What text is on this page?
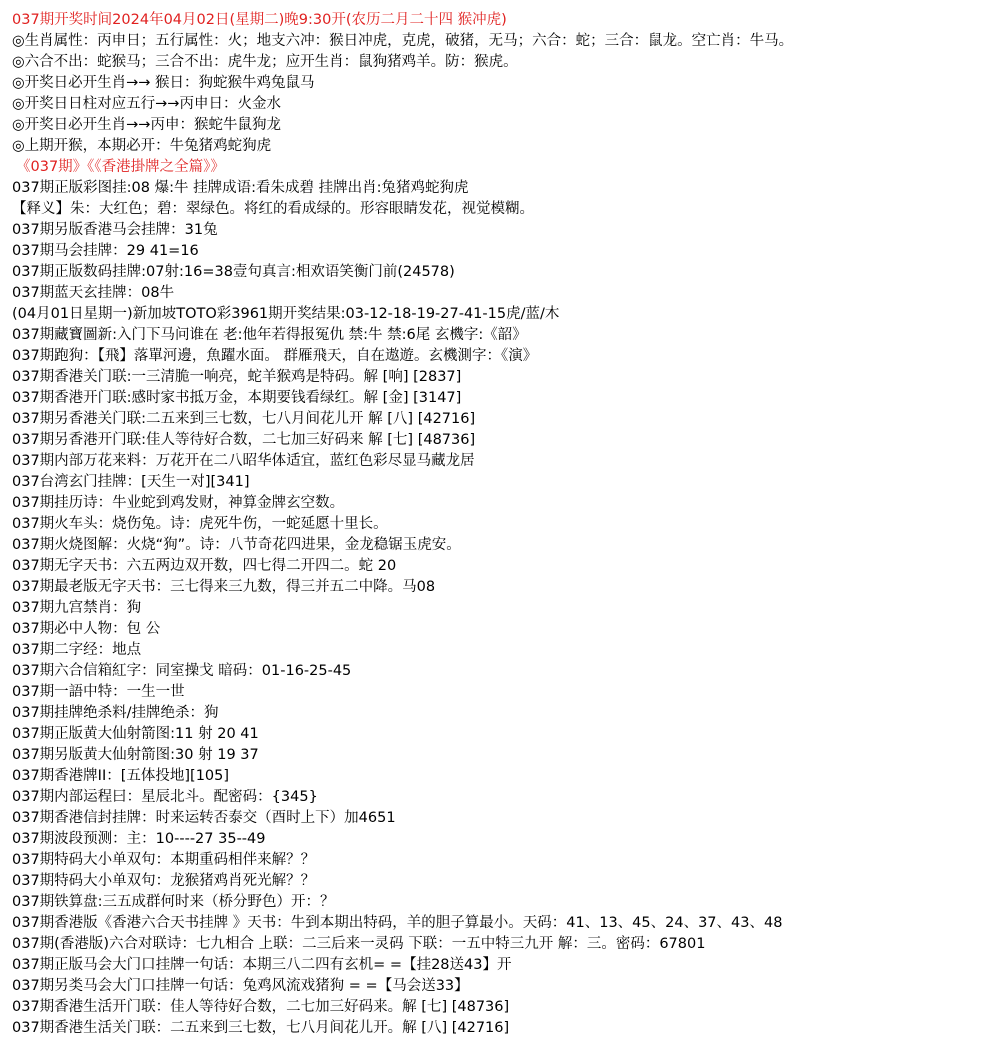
037期开奖时间2024年04月02日(星期二)晚9:30开(农历二月二十四 猴冲虎)
◎生肖属性：丙申日；五行属性：火；地支六冲：猴日冲虎，克虎，破猪，无马；六合：蛇；三合：鼠龙。空亡肖：牛马。
◎六合不出：蛇猴马；三合不出：虎牛龙；应开生肖：鼠狗猪鸡羊。防：猴虎。
◎开奖日必开生肖→→ 猴日：狗蛇猴牛鸡兔鼠马
◎开奖日日柱对应五行→→丙申日：火金水
◎开奖日必开生肖→→丙申：猴蛇牛鼠狗龙
◎上期开猴，本期必开：牛兔猪鸡蛇狗虎
《037期》《《香港掛牌之全篇》》
037期正版彩图挂:08 爆:牛 挂牌成语:看朱成碧 挂牌出肖:兔猪鸡蛇狗虎
【释义】朱：大红色；碧：翠绿色。将红的看成绿的。形容眼睛发花，视觉模糊。
037期另版香港马会挂牌：31兔
037期马会挂牌：29 41=16
037期正版数码挂牌:07射:16=38壹句真言:相欢语笑衡门前(24578)
037期蓝天玄挂牌：08牛
(04月01日星期一)新加坡TOTO彩3961期开奖结果:03-12-18-19-27-41-15虎/蓝/木
037期藏寶圖新:入门下马问谁在 老:他年若得报冤仇 禁:牛 禁:6尾 玄機字:《韶》
037期跑狗：【飛】落單河邊，魚躍水面。 群雁飛天，自在遨遊。玄機測字：《演》
037期香港关门联:一三清脆一响亮，蛇羊猴鸡是特码。解 [响] [2837]
037期香港开门联:感时家书抵万金，本期要钱看绿红。解 [金] [3147]
037期另香港关门联:二五来到三七数，七八月间花儿开 解 [八] [42716]
037期另香港开门联:佳人等待好合数，二七加三好码来 解 [七] [48736]
037期内部万花来料：万花开在二八昭华体适宜，蓝红色彩尽显马藏龙居
037台湾玄门挂牌：[天生一对][341]
037期挂历诗：牛业蛇到鸡发财，神算金牌玄空数。
037期火车头：烧伤兔。诗：虎死牛伤，一蛇延愿十里长。
037期火烧图解：火烧“狗”。诗：八节奇花四进果，金龙稳锯玉虎安。
037期无字天书：六五两边双开数，四七得二开四二。蛇 20
037期最老版无字天书：三七得来三九数，得三并五二中降。马08
037期九宫禁肖：狗
037期必中人物：包 公
037期二字经：地点
037期六合信箱紅字：同室操戈 暗码：01-16-25-45
037期一語中特：一生一世
037期挂牌绝杀料/挂牌绝杀：狗
037期正版黄大仙射箭图:11 射 20 41
037期另版黄大仙射箭图:30 射 19 37
037期香港牌II：[五体投地][105]
037期内部运程曰：星辰北斗。配密码：{345}
037期香港信封挂牌：时来运转否泰交（酉时上下）加4651
037期波段预测：主：10----27 35--49
037期特码大小单双句：本期重码相伴来解？？
037期特码大小单双句：龙猴猪鸡肖死光解？？
037期铁算盘:三五成群何时来（桥分野色）开：？
037期香港版《香港六合天书挂牌 》天书：牛到本期出特码，羊的胆子算最小。天码：41、13、45、24、37、43、48
037期(香港版)六合对联诗：七九相合 上联：二三后来一灵码 下联：一五中特三九开 解：三。密码：67801
037期正版马会大门口挂牌一句话：本期三八二四有玄机= =【挂28送43】开
037期另类马会大门口挂牌一句话：兔鸡风流戏猪狗 = =【马会送33】
037期香港生活开门联：佳人等待好合数，二七加三好码来。解 [七] [48736]
037期香港生活关门联：二五来到三七数，七八月间花儿开。解 [八] [42716]
